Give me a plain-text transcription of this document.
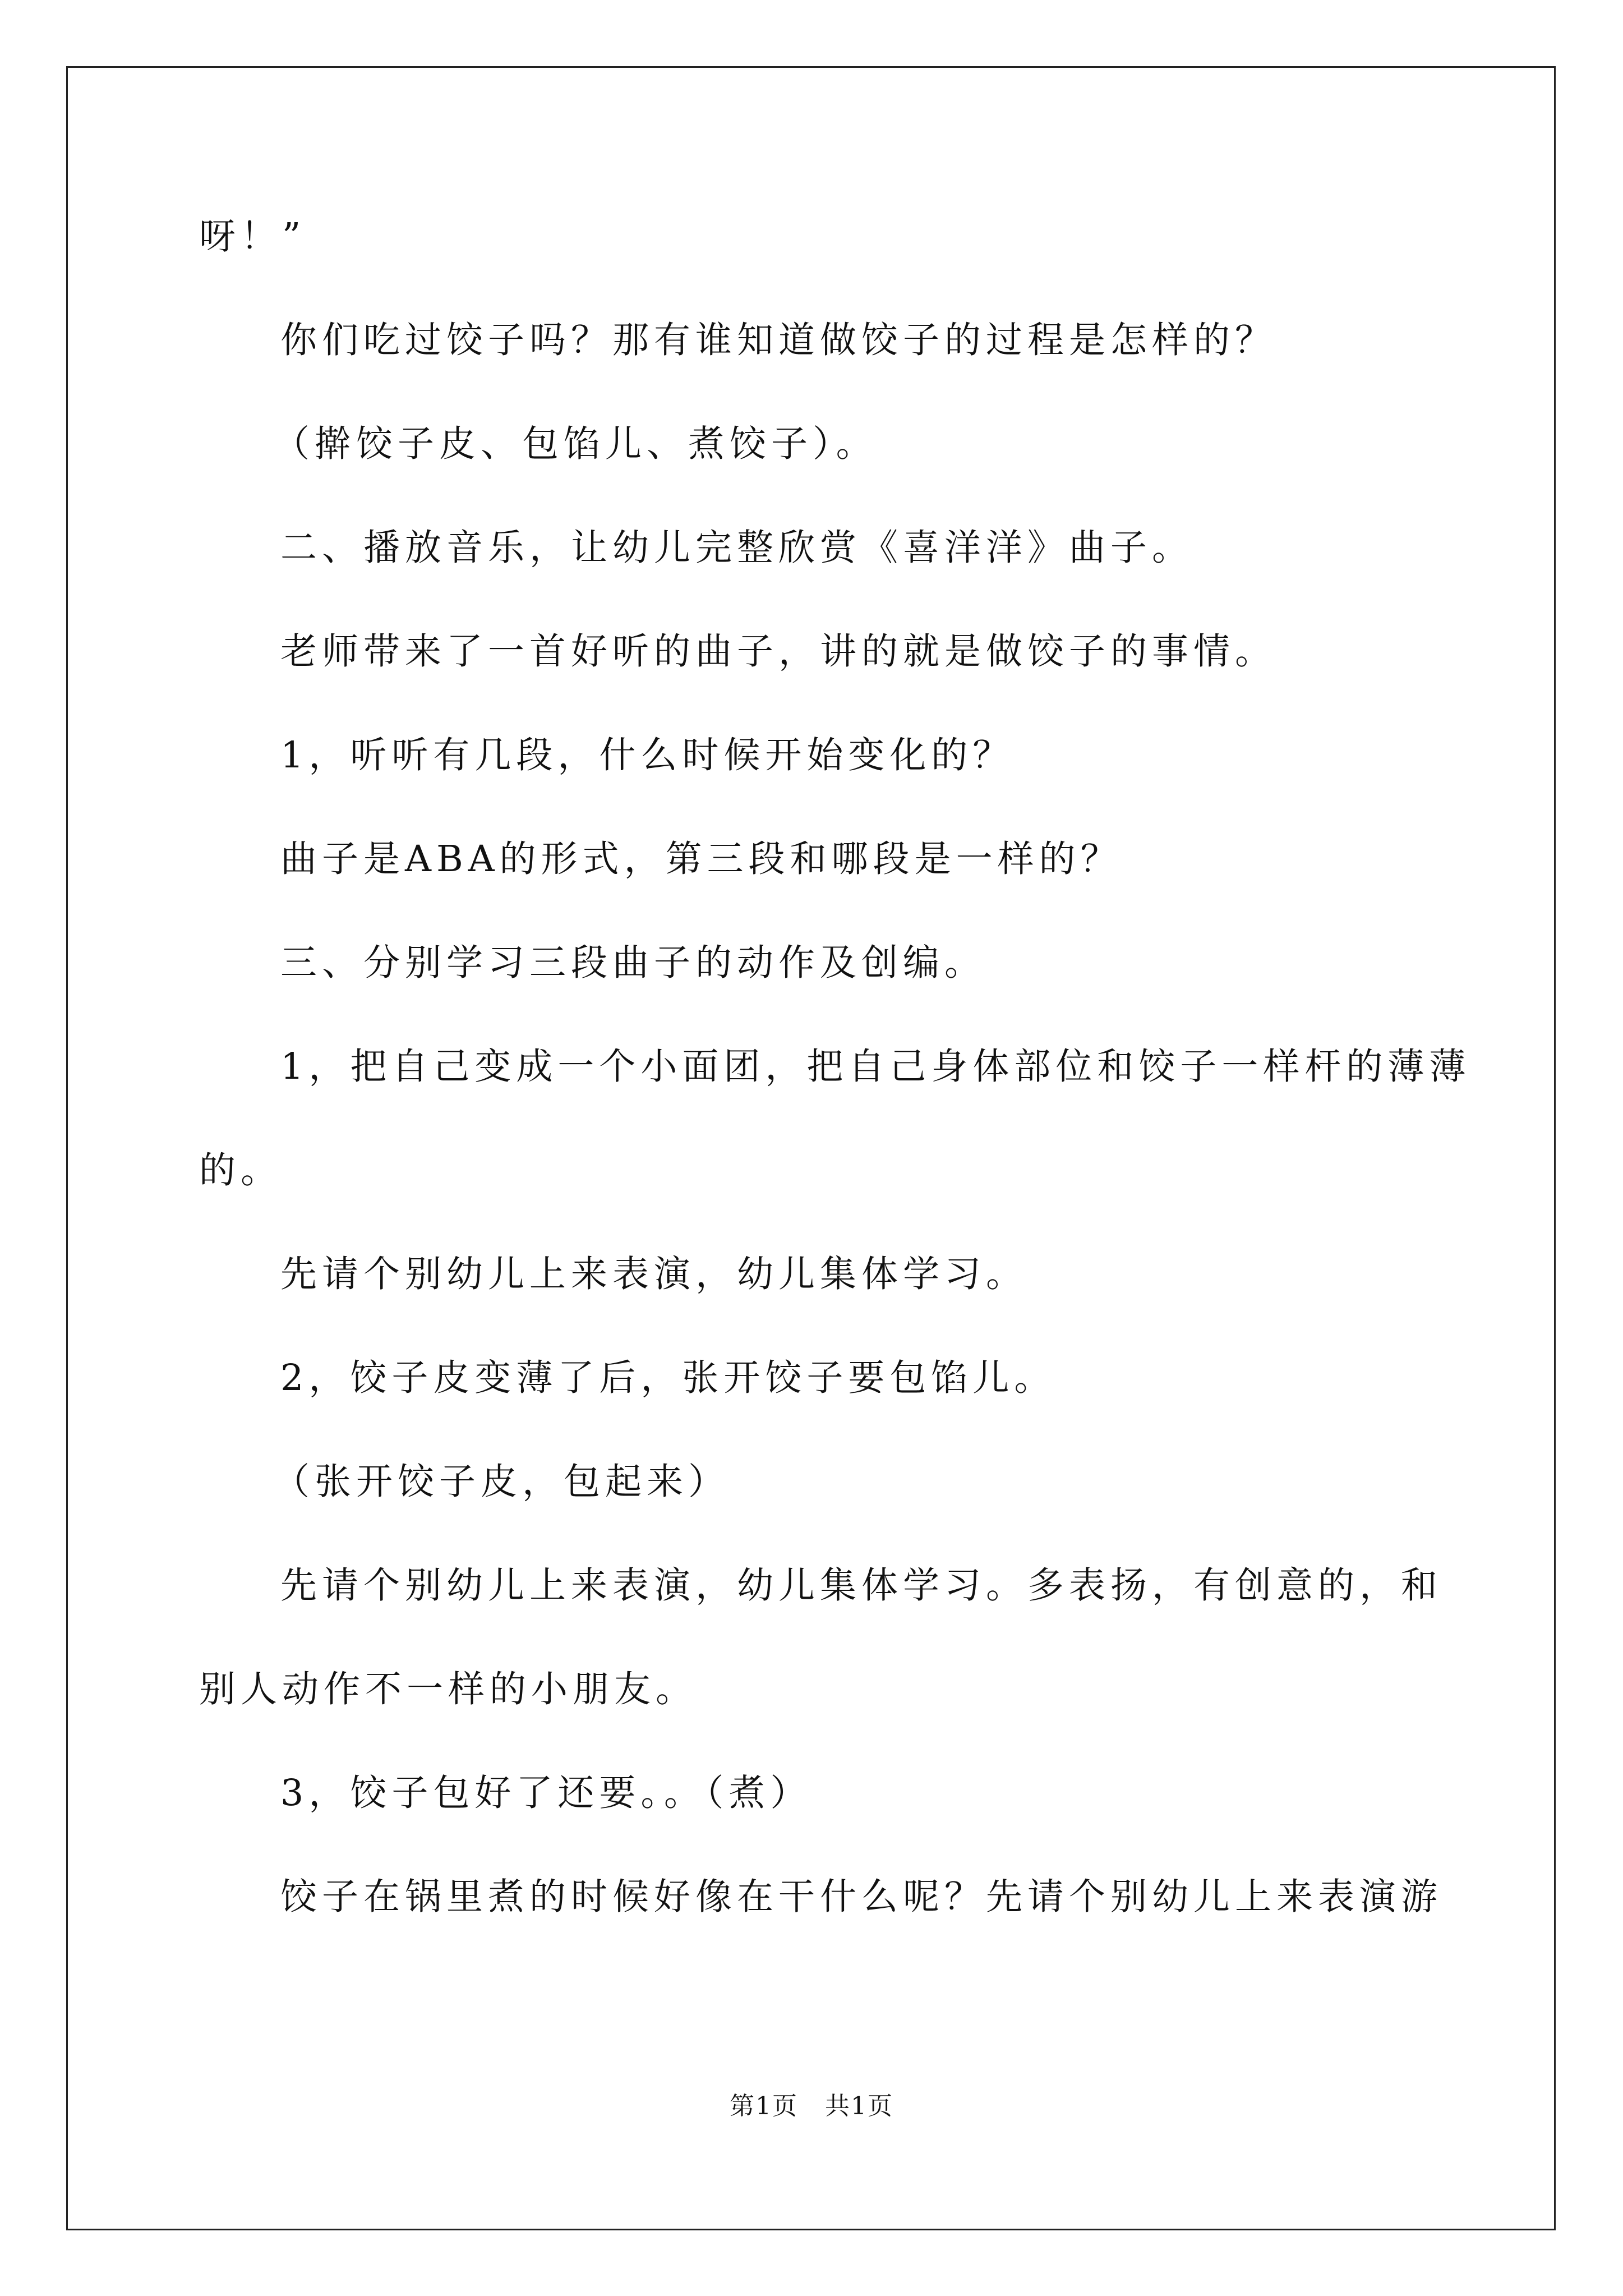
呀！”
你们吃过饺子吗？那有谁知道做饺子的过程是怎样的？
（擀饺子皮、包馅儿、煮饺子）。
二、播放音乐，让幼儿完整欣赏《喜洋洋》曲子。
老师带来了一首好听的曲子，讲的就是做饺子的事情。
1，听听有几段，什么时候开始变化的？
曲子是ABA的形式，第三段和哪段是一样的？
三、分别学习三段曲子的动作及创编。
1，把自己变成一个小面团，把自己身体部位和饺子一样杆的薄薄
的。
先请个别幼儿上来表演，幼儿集体学习。
2，饺子皮变薄了后，张开饺子要包馅儿。
（张开饺子皮，包起来）
先请个别幼儿上来表演，幼儿集体学习。多表扬，有创意的，和
别人动作不一样的小朋友。
3，饺子包好了还要。。（煮）
饺子在锅里煮的时候好像在干什么呢？先请个别幼儿上来表演游
第1页 共1页
